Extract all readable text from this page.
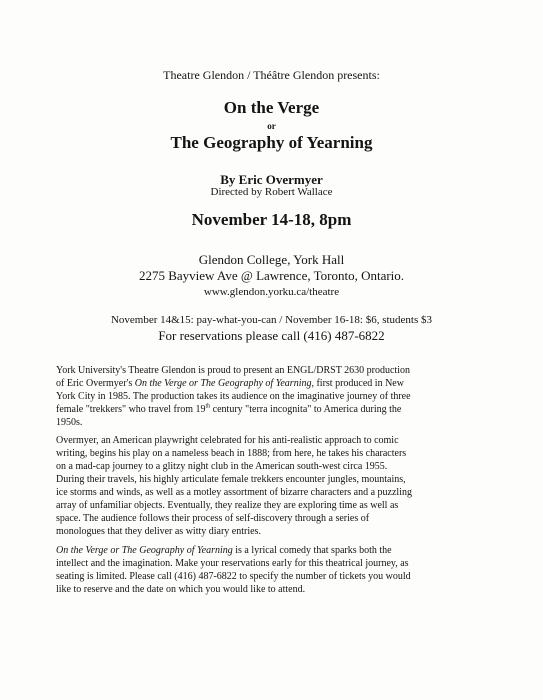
Theatre Glendon / Théâtre Glendon presents:
On the Verge
or
The Geography of Yearning
By Eric Overmyer
Directed by Robert Wallace
November 14-18, 8pm
Glendon College, York Hall
2275 Bayview Ave @ Lawrence, Toronto, Ontario.
www.glendon.yorku.ca/theatre
November 14&15: pay-what-you-can / November 16-18: $6, students $3
For reservations please call (416) 487-6822
York University's Theatre Glendon is proud to present an ENGL/DRST 2630 production
of Eric Overmyer's On the Verge or The Geography of Yearning, first produced in New
York City in 1985. The production takes its audience on the imaginative journey of three
female "trekkers" who travel from 19th century "terra incognita" to America during the
1950s.
Overmyer, an American playwright celebrated for his anti-realistic approach to comic
writing, begins his play on a nameless beach in 1888; from here, he takes his characters
on a mad-cap journey to a glitzy night club in the American south-west circa 1955.
During their travels, his highly articulate female trekkers encounter jungles, mountains,
ice storms and winds, as well as a motley assortment of bizarre characters and a puzzling
array of unfamiliar objects. Eventually, they realize they are exploring time as well as
space. The audience follows their process of self-discovery through a series of
monologues that they deliver as witty diary entries.
On the Verge or The Geography of Yearning is a lyrical comedy that sparks both the
intellect and the imagination. Make your reservations early for this theatrical journey, as
seating is limited. Please call (416) 487-6822 to specify the number of tickets you would
like to reserve and the date on which you would like to attend.
